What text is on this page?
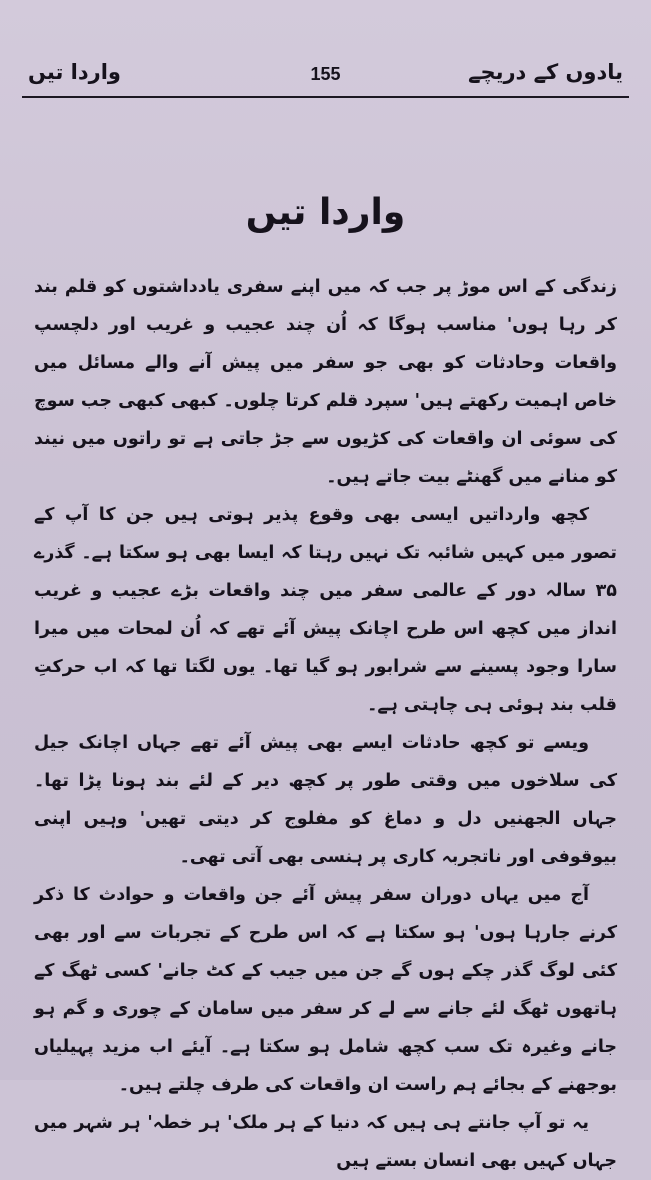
واردا تیں	155	یادوں کے دریچے
واردا تیں

زندگی کے اس موڑ پر جب کہ میں اپنے سفری یادداشتوں کو قلم بند کر رہا ہوں' مناسب ہوگا کہ اُن چند عجیب و غریب اور دلچسپ واقعات وحادثات کو بھی جو سفر میں پیش آنے والے مسائل میں خاص اہمیت رکھتے ہیں' سپرد قلم کرتا چلوں۔ کبھی کبھی جب سوچ کی سوئی ان واقعات کی کڑیوں سے جڑ جاتی ہے تو راتوں میں نیند کو منانے میں گھنٹے بیت جاتے ہیں۔

کچھ وارداتیں ایسی بھی وقوع پذیر ہوتی ہیں جن کا آپ کے تصور میں کہیں شائبہ تک نہیں رہتا کہ ایسا بھی ہو سکتا ہے۔ گذرے ۳۵ سالہ دور کے عالمی سفر میں چند واقعات بڑے عجیب و غریب انداز میں کچھ اس طرح اچانک پیش آئے تھے کہ اُن لمحات میں میرا سارا وجود پسینے سے شرابور ہو گیا تھا۔ یوں لگتا تھا کہ اب حرکتِ قلب بند ہوئی ہی چاہتی ہے۔

ویسے تو کچھ حادثات ایسے بھی پیش آئے تھے جہاں اچانک جیل کی سلاخوں میں وقتی طور پر کچھ دیر کے لئے بند ہونا پڑا تھا۔ جہاں الجھنیں دل و دماغ کو مفلوج کر دیتی تھیں' وہیں اپنی بیوقوفی اور ناتجربہ کاری پر ہنسی بھی آتی تھی۔

آج میں یہاں دوران سفر پیش آئے جن واقعات و حوادث کا ذکر کرنے جارہا ہوں' ہو سکتا ہے کہ اس طرح کے تجربات سے اور بھی کئی لوگ گذر چکے ہوں گے جن میں جیب کے کٹ جانے' کسی ٹھگ کے ہاتھوں ٹھگ لئے جانے سے لے کر سفر میں سامان کے چوری و گم ہو جانے وغیرہ تک سب کچھ شامل ہو سکتا ہے۔ آیئے اب مزید پہیلیاں بوجھنے کے بجائے ہم راست ان واقعات کی طرف چلتے ہیں۔

یہ تو آپ جانتے ہی ہیں کہ دنیا کے ہر ملک' ہر خطہ' ہر شہر میں جہاں کہیں بھی انسان بستے ہیں
